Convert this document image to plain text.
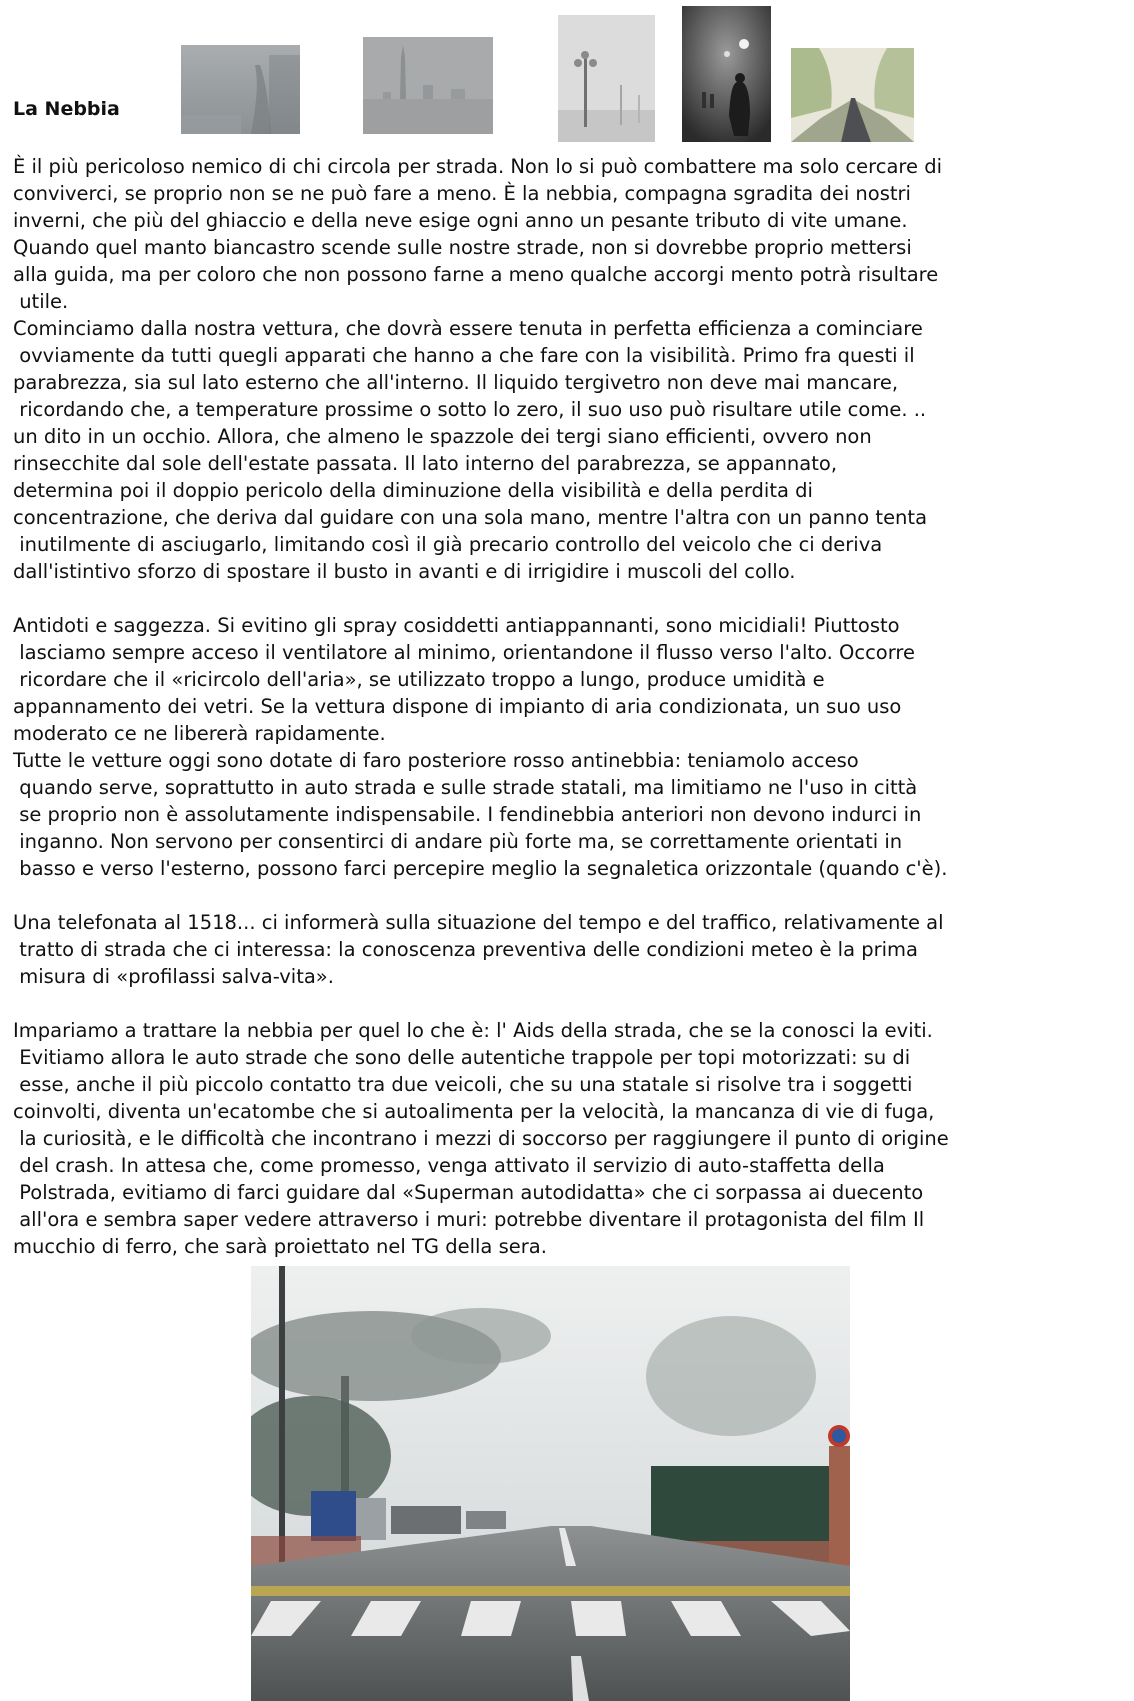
La Nebbia

È il più pericoloso nemico di chi circola per strada. Non lo si può combattere ma solo cercare di
conviverci, se proprio non se ne può fare a meno. È la nebbia, compagna sgradita dei nostri
inverni, che più del ghiaccio e della neve esige ogni anno un pesante tributo di vite umane.
Quando quel manto biancastro scende sulle nostre strade, non si dovrebbe proprio mettersi
alla guida, ma per coloro che non possono farne a meno qualche accorgi mento potrà risultare
utile.

Cominciamo dalla nostra vettura, che dovrà essere tenuta in perfetta efficienza a cominciare
ovviamente da tutti quegli apparati che hanno a che fare con la visibilità. Primo fra questi il
parabrezza, sia sul lato esterno che all'interno. Il liquido tergivetro non deve mai mancare,
ricordando che, a temperature prossime o sotto lo zero, il suo uso può risultare utile come. ..
un dito in un occhio. Allora, che almeno le spazzole dei tergi siano efficienti, ovvero non
rinsecchite dal sole dell'estate passata. Il lato interno del parabrezza, se appannato,
determina poi il doppio pericolo della diminuzione della visibilità e della perdita di
concentrazione, che deriva dal guidare con una sola mano, mentre l'altra con un panno tenta
inutilmente di asciugarlo, limitando così il già precario controllo del veicolo che ci deriva
dall'istintivo sforzo di spostare il busto in avanti e di irrigidire i muscoli del collo.

Antidoti e saggezza. Si evitino gli spray cosiddetti antiappannanti, sono micidiali! Piuttosto
lasciamo sempre acceso il ventilatore al minimo, orientandone il flusso verso l'alto. Occorre
ricordare che il «ricircolo dell'aria», se utilizzato troppo a lungo, produce umidità e
appannamento dei vetri. Se la vettura dispone di impianto di aria condizionata, un suo uso
moderato ce ne libererà rapidamente.

Tutte le vetture oggi sono dotate di faro posteriore rosso antinebbia: teniamolo acceso
quando serve, soprattutto in auto strada e sulle strade statali, ma limitiamo ne l'uso in città
se proprio non è assolutamente indispensabile. I fendinebbia anteriori non devono indurci in
inganno. Non servono per consentirci di andare più forte ma, se correttamente orientati in
basso e verso l'esterno, possono farci percepire meglio la segnaletica orizzontale (quando c'è).

Una telefonata al 1518... ci informerà sulla situazione del tempo e del traffico, relativamente al
tratto di strada che ci interessa: la conoscenza preventiva delle condizioni meteo è la prima
misura di «profilassi salva-vita».

Impariamo a trattare la nebbia per quel lo che è: l' Aids della strada, che se la conosci la eviti.
Evitiamo allora le auto strade che sono delle autentiche trappole per topi motorizzati: su di
esse, anche il più piccolo contatto tra due veicoli, che su una statale si risolve tra i soggetti
coinvolti, diventa un'ecatombe che si autoalimenta per la velocità, la mancanza di vie di fuga,
la curiosità, e le difficoltà che incontrano i mezzi di soccorso per raggiungere il punto di origine
del crash. In attesa che, come promesso, venga attivato il servizio di auto-staffetta della
Polstrada, evitiamo di farci guidare dal «Superman autodidatta» che ci sorpassa ai duecento
all'ora e sembra saper vedere attraverso i muri: potrebbe diventare il protagonista del film Il
mucchio di ferro, che sarà proiettato nel TG della sera.
